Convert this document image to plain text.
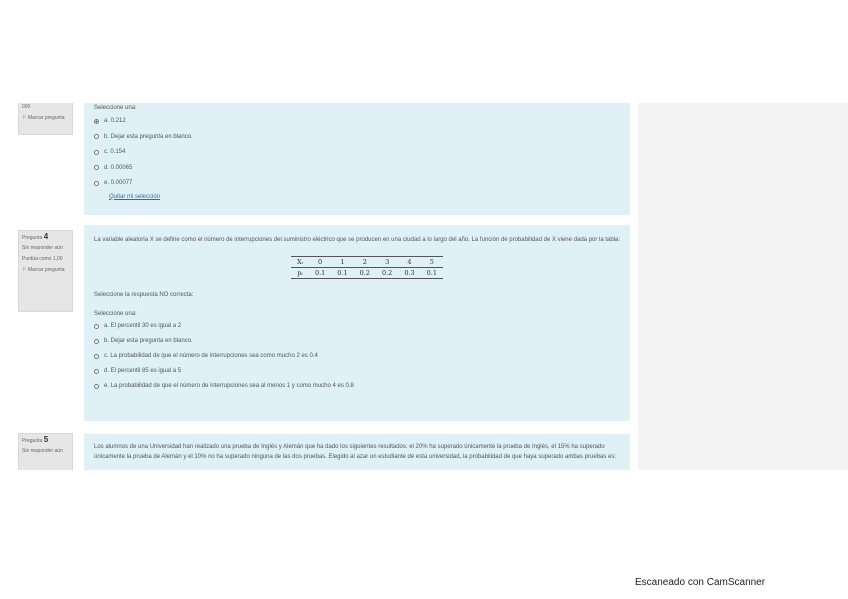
000
⚐ Marcar pregunta
Seleccione una:
a. 0.212
b. Dejar esta pregunta en blanco.
c. 0.154
d. 0.00065
e. 0.00077
Quitar mi selección
Pregunta 4
Sin responder aún
Puntúa como 1,00
⚐ Marcar pregunta
La variable aleatoria X se define como el número de interrupciones del suministro eléctrico que se producen en una ciudad a lo largo del año. La función de probabilidad de X viene dada por la tabla:
Xᵢ	0	1	2	3	4	5
pᵢ	0.1	0.1	0.2	0.2	0.3	0.1
Seleccione la respuesta NO correcta:
Seleccione una:
a. El percentil 30 es igual a 2
b. Dejar esta pregunta en blanco.
c. La probabilidad de que el número de interrupciones sea como mucho 2 es 0.4
d. El percentil 85 es igual a 5
e. La probabilidad de que el número de interrupciones sea al menos 1 y como mucho 4 es 0.8
Pregunta 5
Sin responder aún
Los alumnos de una Universidad han realizado una prueba de Inglés y Alemán que ha dado los siguientes resultados: el 20% ha superado únicamente la prueba de Inglés, el 15% ha superado únicamente la prueba de Alemán y el 10% no ha superado ninguna de las dos pruebas. Elegido al azar un estudiante de esta universidad, la probabilidad de que haya superado ambas pruebas es:
Escaneado con CamScanner
